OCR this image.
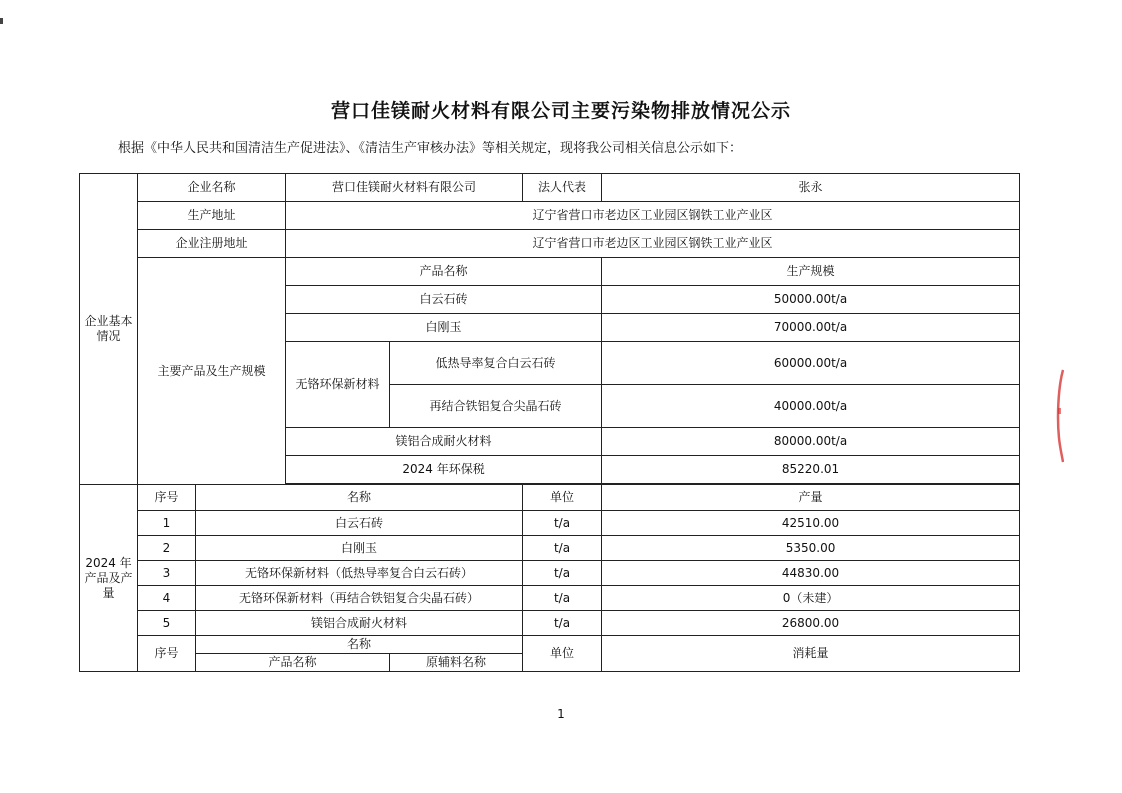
营口佳镁耐火材料有限公司主要污染物排放情况公示
根据《中华人民共和国清洁生产促进法》、《清洁生产审核办法》等相关规定，现将我公司相关信息公示如下：
企业基本情况	企业名称		营口佳镁耐火材料有限公司		法人代表	张永
	生产地址		辽宁省营口市老边区工业园区钢铁工业产业区			
	企业注册地址		辽宁省营口市老边区工业园区钢铁工业产业区			
	主要产品及生产规模		产品名称			生产规模
			白云石砖			50000.00t/a
			白刚玉			70000.00t/a
			无铬环保新材料	低热导率复合白云石砖		60000.00t/a
				再结合铁铝复合尖晶石砖		40000.00t/a
			镁铝合成耐火材料			80000.00t/a
			2024 年环保税			85220.01

2024 年产品及产量	序号	名称			单位	产量
	1	白云石砖			t/a	42510.00
	2	白刚玉			t/a	5350.00
	3	无铬环保新材料（低热导率复合白云石砖）			t/a	44830.00
	4	无铬环保新材料（再结合铁铝复合尖晶石砖）			t/a	0（未建）
	5	镁铝合成耐火材料			t/a	26800.00
	序号	名称			单位	消耗量
		产品名称		原辅料名称		
1
